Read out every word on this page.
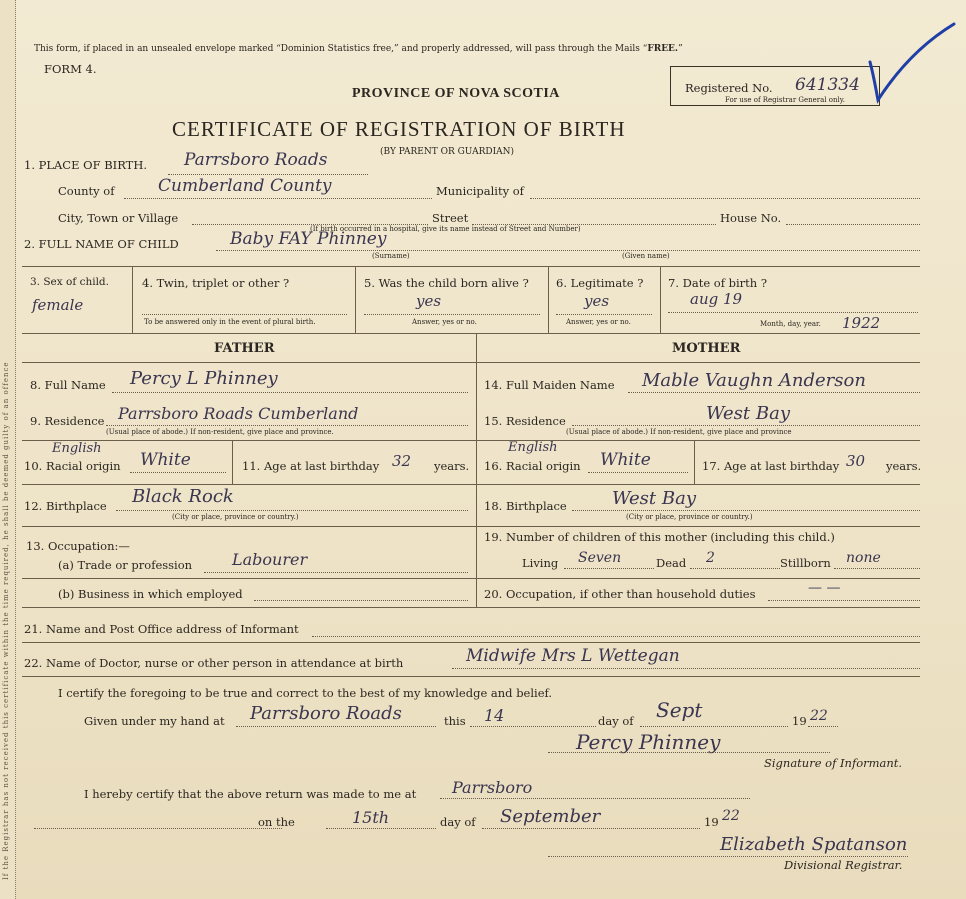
If the Registrar has not received this certificate within the time required, he shall be deemed guilty of an offence
This form, if placed in an unsealed envelope marked “Dominion Statistics free,” and properly addressed, will pass through the Mails “FREE.”
FORM 4.
PROVINCE OF NOVA SCOTIA
CERTIFICATE OF REGISTRATION OF BIRTH
(BY PARENT OR GUARDIAN)
Registered No. 641334
For use of Registrar General only.
1. PLACE OF BIRTH. Parrsboro Roads
County of	Cumberland County	Municipality of
City, Town or Village	Street	House No.
(If birth occurred in a hospital, give its name instead of Street and Number)
2. FULL NAME OF CHILD	Baby FAY Phinney
(Surname)	(Given name)
3. Sex of child.
female
4. Twin, triplet or other ?
To be answered only in the event of plural birth.
5. Was the child born alive ?
yes
Answer, yes or no.
6. Legitimate ?
yes
Answer, yes or no.
7. Date of birth ?
aug 19
Month, day, year. 1922
FATHER	MOTHER
8. Full Name Percy L Phinney
9. Residence Parrsboro Roads Cumberland
(Usual place of abode.) If non-resident, give place and province.
English
10. Racial origin White	11. Age at last birthday 32 years.
12. Birthplace Black Rock
(City or place, province or country.)
13. Occupation:—
(a) Trade or profession Labourer
(b) Business in which employed
14. Full Maiden Name Mable Vaughn Anderson
15. Residence	West Bay
(Usual place of abode.) If non-resident, give place and province
English
16. Racial origin White	17. Age at last birthday 30 years.
18. Birthplace	West Bay
(City or place, province or country.)
19. Number of children of this mother (including this child.)
Living Seven	Dead 2	Stillborn none
20. Occupation, if other than household duties	— —
21. Name and Post Office address of Informant
22. Name of Doctor, nurse or other person in attendance at birth	Midwife Mrs L Wettegan
I certify the foregoing to be true and correct to the best of my knowledge and belief.
Given under my hand at Parrsboro Roads	this 14	day of Sept	19 22
Percy Phinney
Signature of Informant.
I hereby certify that the above return was made to me at Parrsboro
on the	15th	day of September	19 22
Elizabeth Spatanson
Divisional Registrar.
